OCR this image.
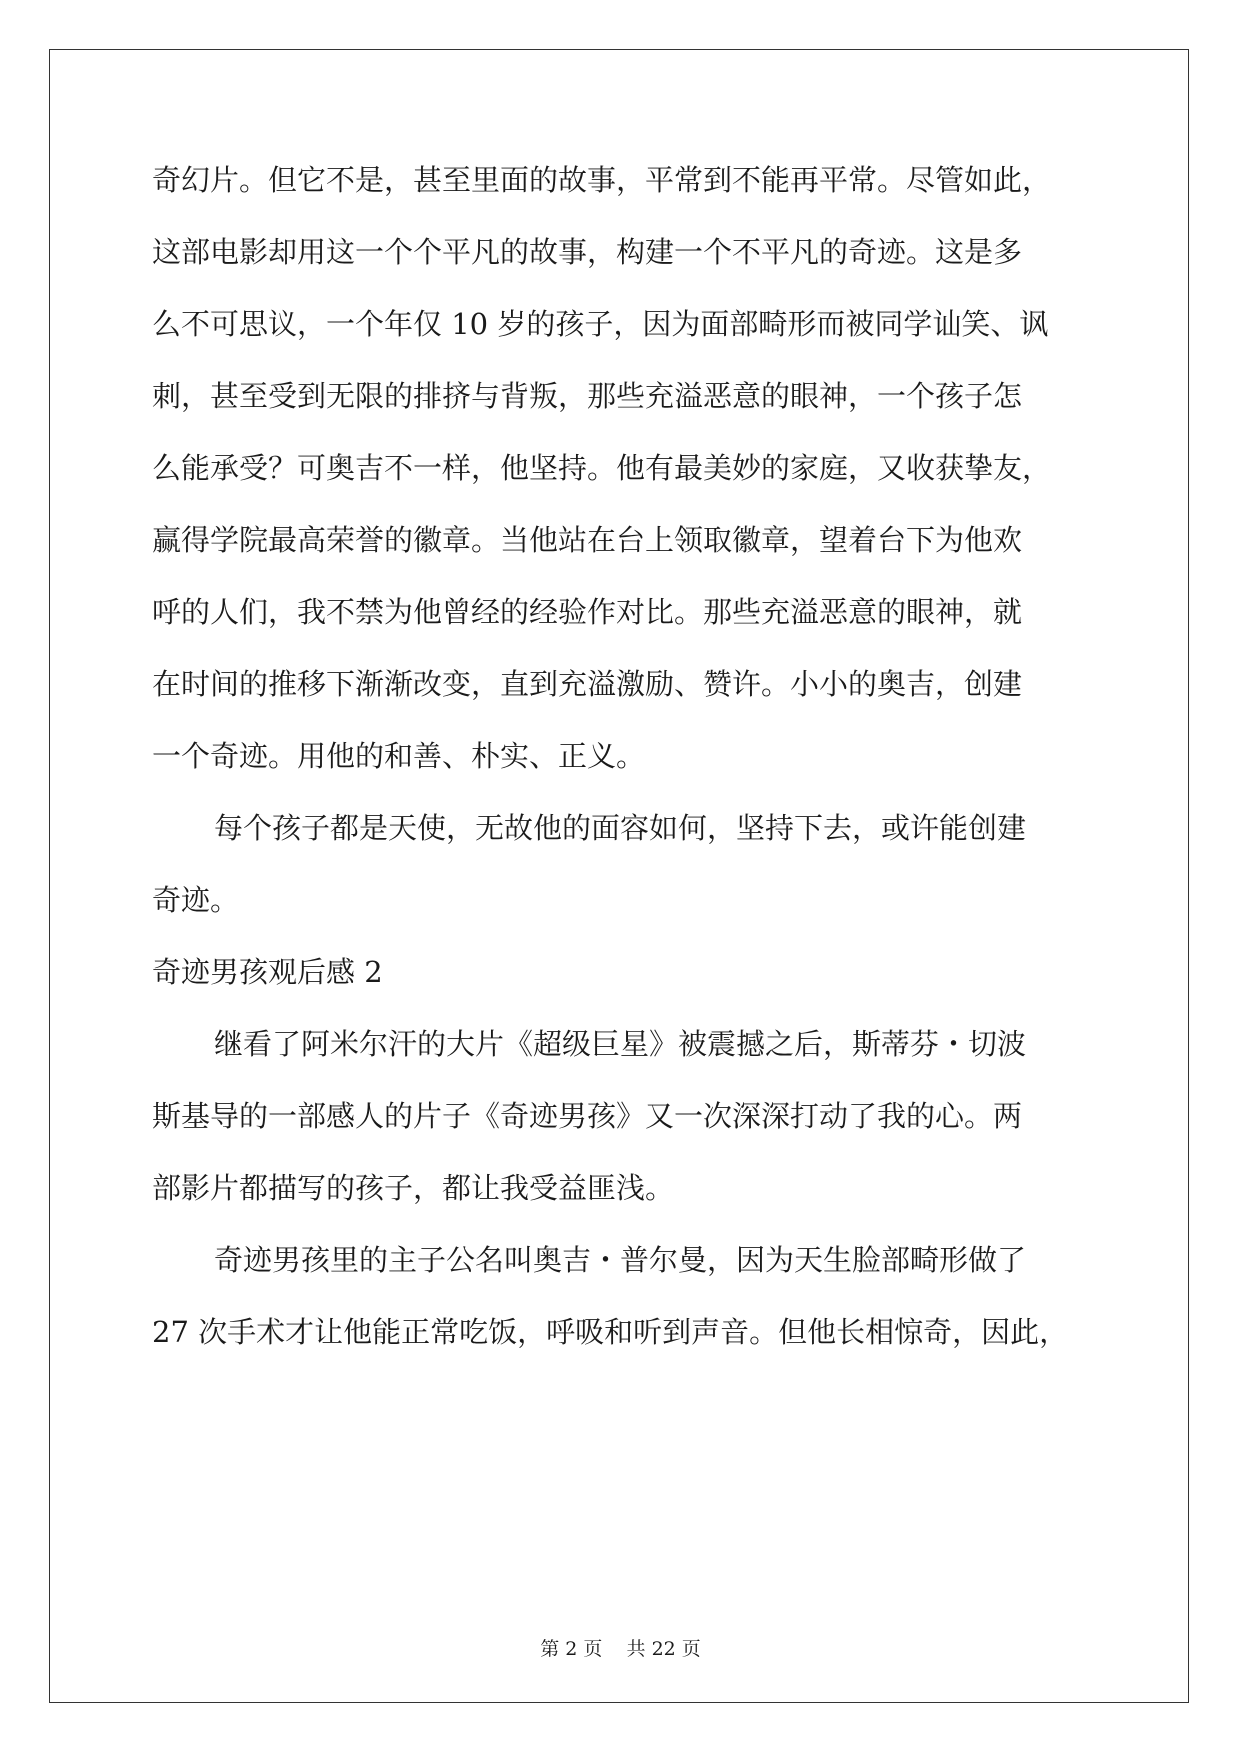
奇幻片。但它不是，甚至里面的故事，平常到不能再平常。尽管如此，
这部电影却用这一个个平凡的故事，构建一个不平凡的奇迹。这是多
么不可思议，一个年仅 10 岁的孩子，因为面部畸形而被同学讪笑、讽
刺，甚至受到无限的排挤与背叛，那些充溢恶意的眼神，一个孩子怎
么能承受？可奥吉不一样，他坚持。他有最美妙的家庭，又收获挚友，
赢得学院最高荣誉的徽章。当他站在台上领取徽章，望着台下为他欢
呼的人们，我不禁为他曾经的经验作对比。那些充溢恶意的眼神，就
在时间的推移下渐渐改变，直到充溢激励、赞许。小小的奥吉，创建
一个奇迹。用他的和善、朴实、正义。
每个孩子都是天使，无故他的面容如何，坚持下去，或许能创建
奇迹。
奇迹男孩观后感 2
继看了阿米尔汗的大片《超级巨星》被震撼之后，斯蒂芬・切波
斯基导的一部感人的片子《奇迹男孩》又一次深深打动了我的心。两
部影片都描写的孩子，都让我受益匪浅。
奇迹男孩里的主子公名叫奥吉・普尔曼，因为天生脸部畸形做了
27 次手术才让他能正常吃饭，呼吸和听到声音。但他长相惊奇，因此，
第 2 页    共 22 页
